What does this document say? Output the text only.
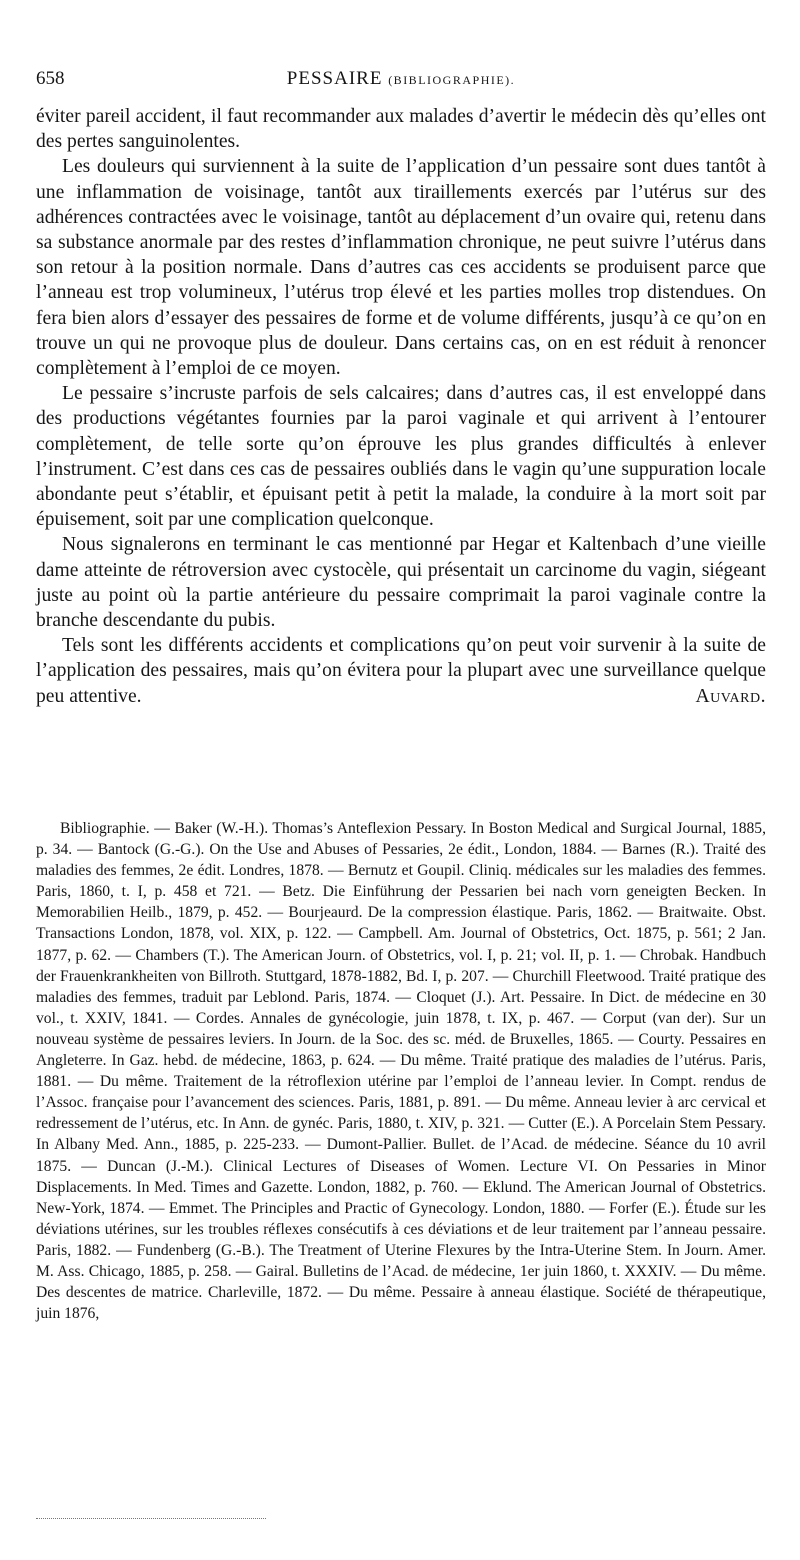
658	PESSAIRE (BIBLIOGRAPHIE).

éviter pareil accident, il faut recommander aux malades d’avertir le médecin dès qu’elles ont des pertes sanguinolentes.

Les douleurs qui surviennent à la suite de l’application d’un pessaire sont dues tantôt à une inflammation de voisinage, tantôt aux tiraillements exercés par l’utérus sur des adhérences contractées avec le voisinage, tantôt au déplacement d’un ovaire qui, retenu dans sa substance anormale par des restes d’inflammation chronique, ne peut suivre l’utérus dans son retour à la position normale. Dans d’autres cas ces accidents se produisent parce que l’anneau est trop volumineux, l’utérus trop élevé et les parties molles trop distendues. On fera bien alors d’essayer des pessaires de forme et de volume différents, jusqu’à ce qu’on en trouve un qui ne provoque plus de douleur. Dans certains cas, on en est réduit à renoncer complètement à l’emploi de ce moyen.

Le pessaire s’incruste parfois de sels calcaires; dans d’autres cas, il est enveloppé dans des productions végétantes fournies par la paroi vaginale et qui arrivent à l’entourer complètement, de telle sorte qu’on éprouve les plus grandes difficultés à enlever l’instrument. C’est dans ces cas de pessaires oubliés dans le vagin qu’une suppuration locale abondante peut s’établir, et épuisant petit à petit la malade, la conduire à la mort soit par épuisement, soit par une complication quelconque.

Nous signalerons en terminant le cas mentionné par Hegar et Kaltenbach d’une vieille dame atteinte de rétroversion avec cystocèle, qui présentait un carcinome du vagin, siégeant juste au point où la partie antérieure du pessaire comprimait la paroi vaginale contre la branche descendante du pubis.

Tels sont les différents accidents et complications qu’on peut voir survenir à la suite de l’application des pessaires, mais qu’on évitera pour la plupart avec une surveillance quelque peu attentive.	Auvard.

Bibliographie. — Baker (W.-H.). Thomas’s Anteflexion Pessary. In Boston Medical and Surgical Journal, 1885, p. 34. — Bantock (G.-G.). On the Use and Abuses of Pessaries, 2e édit., London, 1884. — Barnes (R.). Traité des maladies des femmes, 2e édit. Londres, 1878. — Bernutz et Goupil. Cliniq. médicales sur les maladies des femmes. Paris, 1860, t. I, p. 458 et 721. — Betz. Die Einführung der Pessarien bei nach vorn geneigten Becken. In Memorabilien Heilb., 1879, p. 452. — Bourjeaurd. De la compression élastique. Paris, 1862. — Braitwaite. Obst. Transactions London, 1878, vol. XIX, p. 122. — Campbell. Am. Journal of Obstetrics, Oct. 1875, p. 561; 2 Jan. 1877, p. 62. — Chambers (T.). The American Journ. of Obstetrics, vol. I, p. 21; vol. II, p. 1. — Chrobak. Handbuch der Frauenkrankheiten von Billroth. Stuttgard, 1878-1882, Bd. I, p. 207. — Churchill Fleetwood. Traité pratique des maladies des femmes, traduit par Leblond. Paris, 1874. — Cloquet (J.). Art. Pessaire. In Dict. de médecine en 30 vol., t. XXIV, 1841. — Cordes. Annales de gynécologie, juin 1878, t. IX, p. 467. — Corput (van der). Sur un nouveau système de pessaires leviers. In Journ. de la Soc. des sc. méd. de Bruxelles, 1865. — Courty. Pessaires en Angleterre. In Gaz. hebd. de médecine, 1863, p. 624. — Du même. Traité pratique des maladies de l’utérus. Paris, 1881. — Du même. Traitement de la rétroflexion utérine par l’emploi de l’anneau levier. In Compt. rendus de l’Assoc. française pour l’avancement des sciences. Paris, 1881, p. 891. — Du même. Anneau levier à arc cervical et redressement de l’utérus, etc. In Ann. de gynéc. Paris, 1880, t. XIV, p. 321. — Cutter (E.). A Porcelain Stem Pessary. In Albany Med. Ann., 1885, p. 225-233. — Dumont-Pallier. Bullet. de l’Acad. de médecine. Séance du 10 avril 1875. — Duncan (J.-M.). Clinical Lectures of Diseases of Women. Lecture VI. On Pessaries in Minor Displacements. In Med. Times and Gazette. London, 1882, p. 760. — Eklund. The American Journal of Obstetrics. New-York, 1874. — Emmet. The Principles and Practic of Gynecology. London, 1880. — Forfer (E.). Étude sur les déviations utérines, sur les troubles réflexes consécutifs à ces déviations et de leur traitement par l’anneau pessaire. Paris, 1882. — Fundenberg (G.-B.). The Treatment of Uterine Flexures by the Intra-Uterine Stem. In Journ. Amer. M. Ass. Chicago, 1885, p. 258. — Gairal. Bulletins de l’Acad. de médecine, 1er juin 1860, t. XXXIV. — Du même. Des descentes de matrice. Charleville, 1872. — Du même. Pessaire à anneau élastique. Société de thérapeutique, juin 1876,
